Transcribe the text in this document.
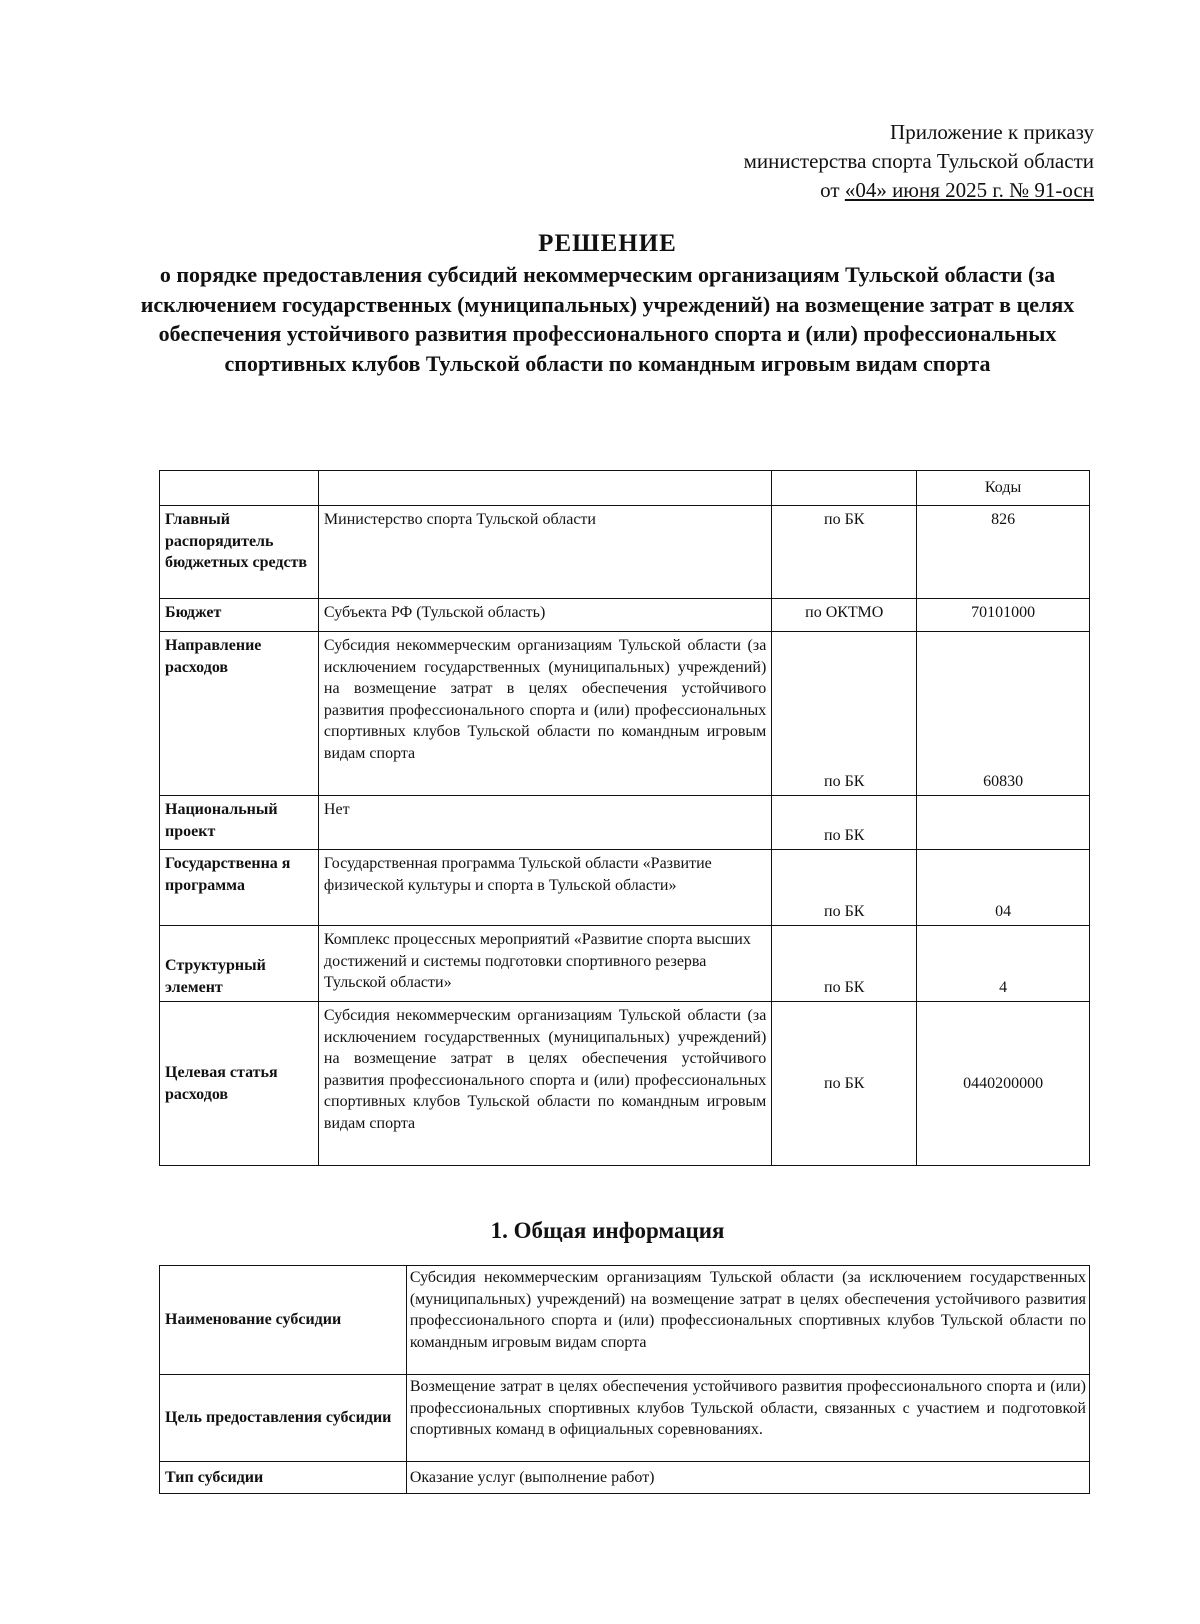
Приложение к приказу
министерства спорта Тульской области
от «04» июня 2025 г. № 91-осн
РЕШЕНИЕ
о порядке предоставления субсидий некоммерческим организациям Тульской области (за исключением государственных (муниципальных) учреждений) на возмещение затрат в целях обеспечения устойчивого развития профессионального спорта и (или) профессиональных спортивных клубов Тульской области по командным игровым видам спорта
			Коды
Главный распорядитель бюджетных средств	Министерство спорта Тульской области	по БК	826
Бюджет	Субъекта РФ (Тульской область)	по ОКТМО	70101000
Направление расходов	Субсидия некоммерческим организациям Тульской области (за исключением государственных (муниципальных) учреждений) на возмещение затрат в целях обеспечения устойчивого развития профессионального спорта и (или) профессиональных спортивных клубов Тульской области по командным игровым видам спорта	по БК	60830
Национальный проект	Нет	по БК	
Государственна я программа	Государственная программа Тульской области «Развитие физической культуры и спорта в Тульской области»	по БК	04
Структурный элемент	Комплекс процессных мероприятий «Развитие спорта высших достижений и системы подготовки спортивного резерва Тульской области»	по БК	4
Целевая статья расходов	Субсидия некоммерческим организациям Тульской области (за исключением государственных (муниципальных) учреждений) на возмещение затрат в целях обеспечения устойчивого развития профессионального спорта и (или) профессиональных спортивных клубов Тульской области по командным игровым видам спорта	по БК	0440200000
1. Общая информация
Наименование субсидии	Субсидия некоммерческим организациям Тульской области (за исключением государственных (муниципальных) учреждений) на возмещение затрат в целях обеспечения устойчивого развития профессионального спорта и (или) профессиональных спортивных клубов Тульской области по командным игровым видам спорта
Цель предоставления субсидии	Возмещение затрат в целях обеспечения устойчивого развития профессионального спорта и (или) профессиональных спортивных клубов Тульской области, связанных с участием и подготовкой спортивных команд в официальных соревнованиях.
Тип субсидии	Оказание услуг (выполнение работ)
